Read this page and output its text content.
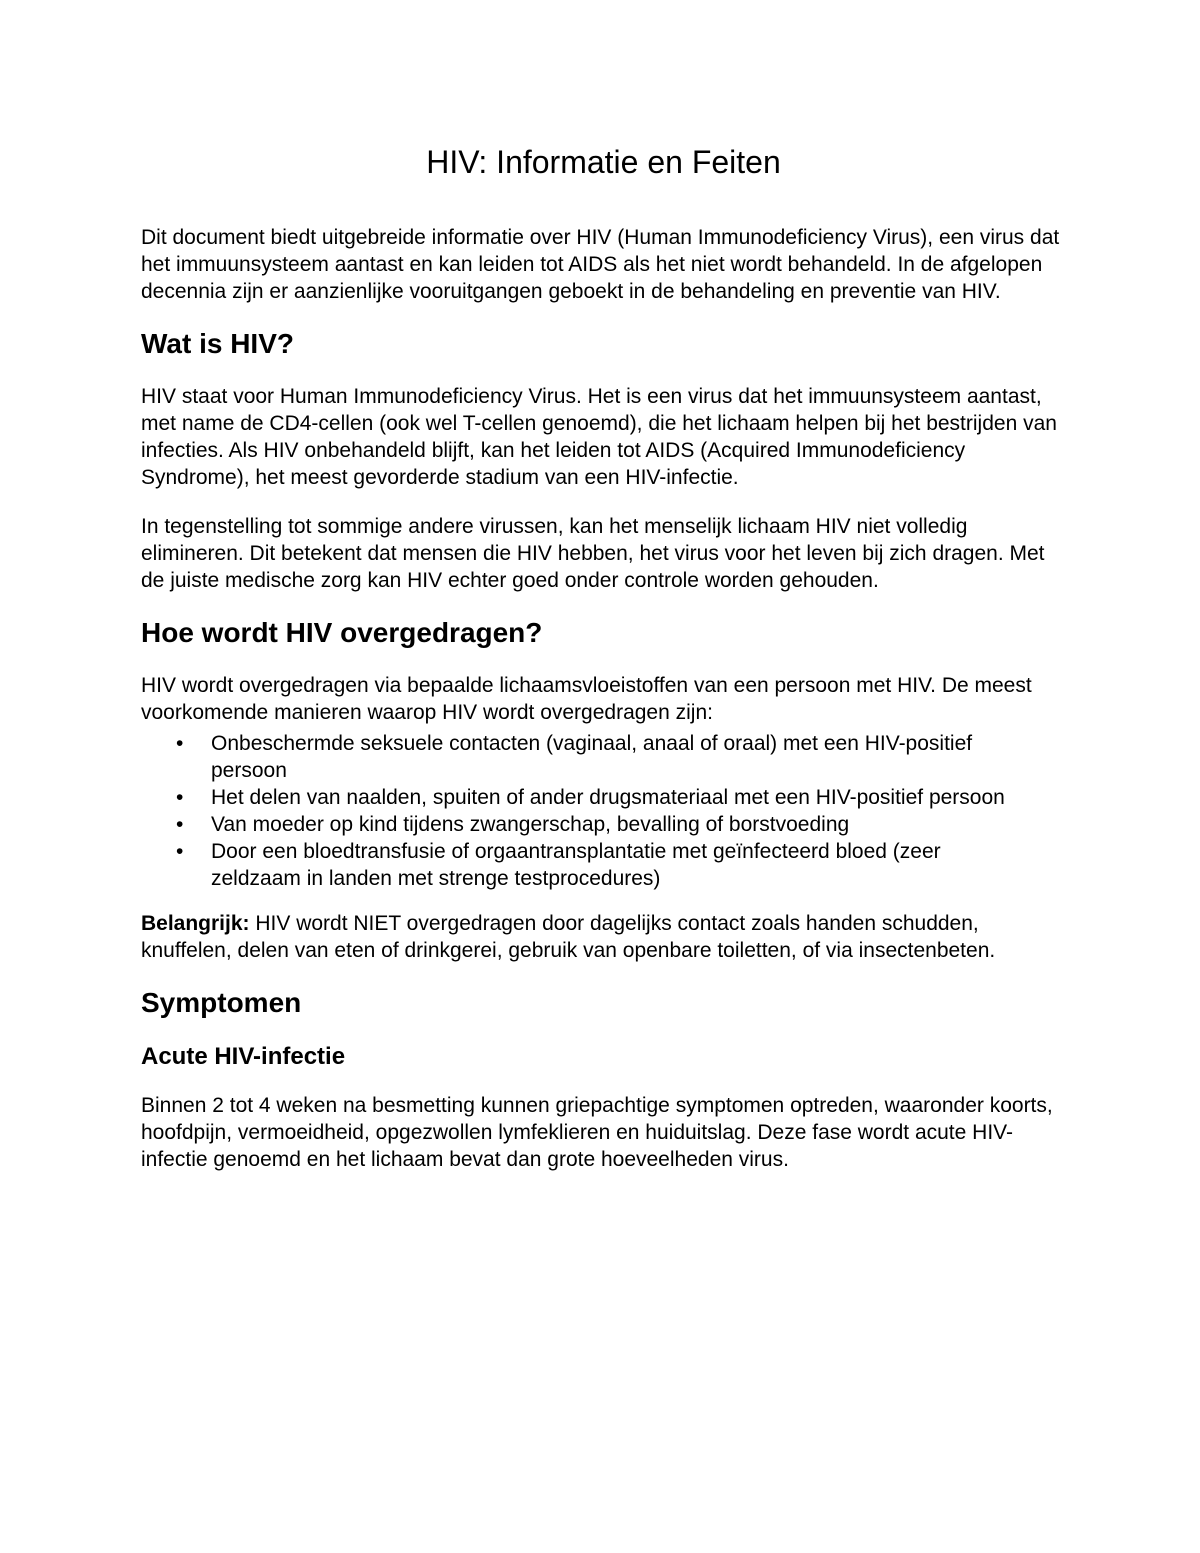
HIV: Informatie en Feiten

Dit document biedt uitgebreide informatie over HIV (Human Immunodeficiency Virus), een virus dat het immuunsysteem aantast en kan leiden tot AIDS als het niet wordt behandeld. In de afgelopen decennia zijn er aanzienlijke vooruitgangen geboekt in de behandeling en preventie van HIV.

Wat is HIV?

HIV staat voor Human Immunodeficiency Virus. Het is een virus dat het immuunsysteem aantast, met name de CD4-cellen (ook wel T-cellen genoemd), die het lichaam helpen bij het bestrijden van infecties. Als HIV onbehandeld blijft, kan het leiden tot AIDS (Acquired Immunodeficiency Syndrome), het meest gevorderde stadium van een HIV-infectie.

In tegenstelling tot sommige andere virussen, kan het menselijk lichaam HIV niet volledig elimineren. Dit betekent dat mensen die HIV hebben, het virus voor het leven bij zich dragen. Met de juiste medische zorg kan HIV echter goed onder controle worden gehouden.

Hoe wordt HIV overgedragen?

HIV wordt overgedragen via bepaalde lichaamsvloeistoffen van een persoon met HIV. De meest voorkomende manieren waarop HIV wordt overgedragen zijn:

• Onbeschermde seksuele contacten (vaginaal, anaal of oraal) met een HIV-positief persoon
• Het delen van naalden, spuiten of ander drugsmateriaal met een HIV-positief persoon
• Van moeder op kind tijdens zwangerschap, bevalling of borstvoeding
• Door een bloedtransfusie of orgaantransplantatie met geïnfecteerd bloed (zeer zeldzaam in landen met strenge testprocedures)

Belangrijk: HIV wordt NIET overgedragen door dagelijks contact zoals handen schudden, knuffelen, delen van eten of drinkgerei, gebruik van openbare toiletten, of via insectenbeten.

Symptomen
Acute HIV-infectie

Binnen 2 tot 4 weken na besmetting kunnen griepachtige symptomen optreden, waaronder koorts, hoofdpijn, vermoeidheid, opgezwollen lymfeklieren en huiduitslag. Deze fase wordt acute HIV-infectie genoemd en het lichaam bevat dan grote hoeveelheden virus.
